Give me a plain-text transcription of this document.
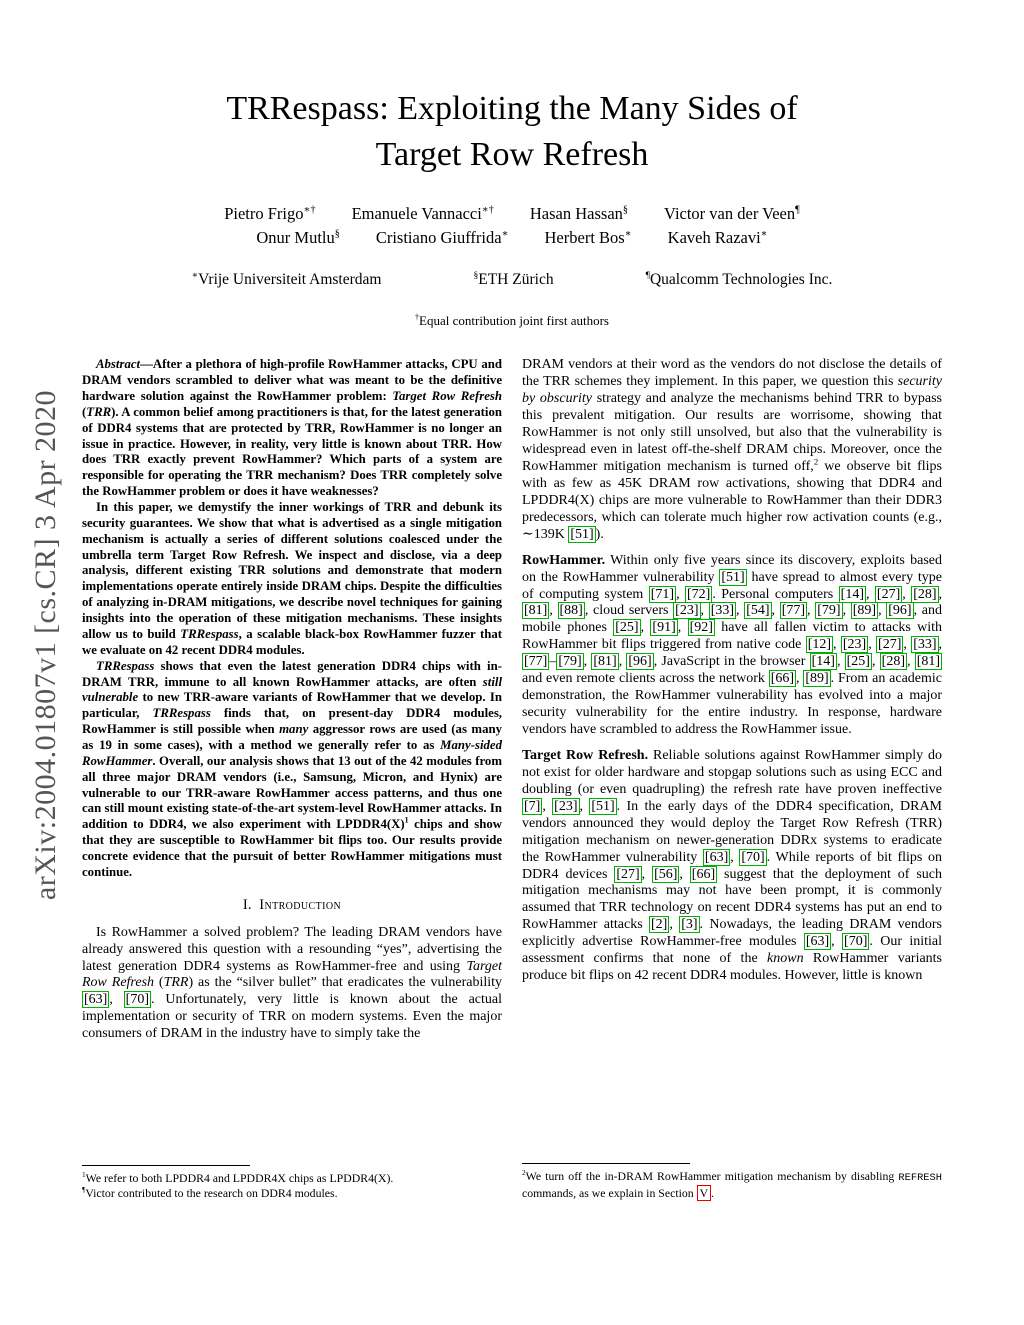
arXiv:2004.01807v1 [cs.CR] 3 Apr 2020
TRRespass: Exploiting the Many Sides of
Target Row Refresh
Pietro Frigo∗† Emanuele Vannacci∗† Hasan Hassan§ Victor van der Veen¶
Onur Mutlu§ Cristiano Giuffrida∗ Herbert Bos∗ Kaveh Razavi∗
∗Vrije Universiteit Amsterdam	§ETH Zürich	¶Qualcomm Technologies Inc.
†Equal contribution joint first authors

Abstract—After a plethora of high-profile RowHammer attacks, CPU and DRAM vendors scrambled to deliver what was meant to be the definitive hardware solution against the RowHammer problem: Target Row Refresh (TRR). A common belief among practitioners is that, for the latest generation of DDR4 systems that are protected by TRR, RowHammer is no longer an issue in practice. However, in reality, very little is known about TRR. How does TRR exactly prevent RowHammer? Which parts of a system are responsible for operating the TRR mechanism? Does TRR completely solve the RowHammer problem or does it have weaknesses?

In this paper, we demystify the inner workings of TRR and debunk its security guarantees. We show that what is advertised as a single mitigation mechanism is actually a series of different solutions coalesced under the umbrella term Target Row Refresh. We inspect and disclose, via a deep analysis, different existing TRR solutions and demonstrate that modern implementations operate entirely inside DRAM chips. Despite the difficulties of analyzing in-DRAM mitigations, we describe novel techniques for gaining insights into the operation of these mitigation mechanisms. These insights allow us to build TRRespass, a scalable black-box RowHammer fuzzer that we evaluate on 42 recent DDR4 modules.

TRRespass shows that even the latest generation DDR4 chips with in-DRAM TRR, immune to all known RowHammer attacks, are often still vulnerable to new TRR-aware variants of RowHammer that we develop. In particular, TRRespass finds that, on present-day DDR4 modules, RowHammer is still possible when many aggressor rows are used (as many as 19 in some cases), with a method we generally refer to as Many-sided RowHammer. Overall, our analysis shows that 13 out of the 42 modules from all three major DRAM vendors (i.e., Samsung, Micron, and Hynix) are vulnerable to our TRR-aware RowHammer access patterns, and thus one can still mount existing state-of-the-art system-level RowHammer attacks. In addition to DDR4, we also experiment with $LPDDR4(X)^1$ chips and show that they are susceptible to RowHammer bit flips too. Our results provide concrete evidence that the pursuit of better RowHammer mitigations must continue.

I. Introduction

Is RowHammer a solved problem? The leading DRAM vendors have already answered this question with a resounding “yes”, advertising the latest generation DDR4 systems as RowHammer-free and using Target Row Refresh (TRR) as the “silver bullet” that eradicates the vulnerability [63] , [70] . Unfortunately, very little is known about the actual implementation or security of TRR on modern systems. Even the major consumers of DRAM in the industry have to simply take the

$^1$We refer to both LPDDR4 and LPDDR4X chips as LPDDR4(X).

¶Victor contributed to the research on DDR4 modules.

DRAM vendors at their word as the vendors do not disclose the details of the TRR schemes they implement. In this paper, we question this security by obscurity strategy and analyze the mechanisms behind TRR to bypass this prevalent mitigation. Our results are worrisome, showing that RowHammer is not only still unsolved, but also that the vulnerability is widespread even in latest off-the-shelf DRAM chips. Moreover, once the RowHammer mitigation mechanism is turned off,$^2$ we observe bit flips with as few as 45K DRAM row activations, showing that DDR4 and LPDDR4(X) chips are more vulnerable to RowHammer than their DDR3 predecessors, which can tolerate much higher row activation counts (e.g., ∼139K [51] ).

RowHammer. Within only five years since its discovery, exploits based on the RowHammer vulnerability [51] have spread to almost every type of computing system [71] , [72] . Personal computers [14] , [27] , [28] , [81] , [88] , cloud servers [23] , [33] , [54] , [77] , [79] , [89] , [96] , and mobile phones [25] , [91] , [92] have all fallen victim to attacks with RowHammer bit flips triggered from native code [12] , [23] , [27] , [33] , [77] – [79] , [81] , [96] , JavaScript in the browser [14] , [25] , [28] , [81] and even remote clients across the network [66] , [89] . From an academic demonstration, the RowHammer vulnerability has evolved into a major security vulnerability for the entire industry. In response, hardware vendors have scrambled to address the RowHammer issue.

Target Row Refresh. Reliable solutions against RowHammer simply do not exist for older hardware and stopgap solutions such as using ECC and doubling (or even quadrupling) the refresh rate have proven ineffective [7] , [23] , [51] . In the early days of the DDR4 specification, DRAM vendors announced they would deploy the Target Row Refresh (TRR) mitigation mechanism on newer-generation DDRx systems to eradicate the RowHammer vulnerability [63] , [70] . While reports of bit flips on DDR4 devices [27] , [56] , [66] suggest that the deployment of such mitigation mechanisms may not have been prompt, it is commonly assumed that TRR technology on recent DDR4 systems has put an end to RowHammer attacks [2] , [3] . Nowadays, the leading DRAM vendors explicitly advertise RowHammer-free modules [63] , [70] . Our initial assessment confirms that none of the known RowHammer variants produce bit flips on 42 recent DDR4 modules. However, little is known

$^2$We turn off the in-DRAM RowHammer mitigation mechanism by disabling REFRESH commands, as we explain in Section V .
